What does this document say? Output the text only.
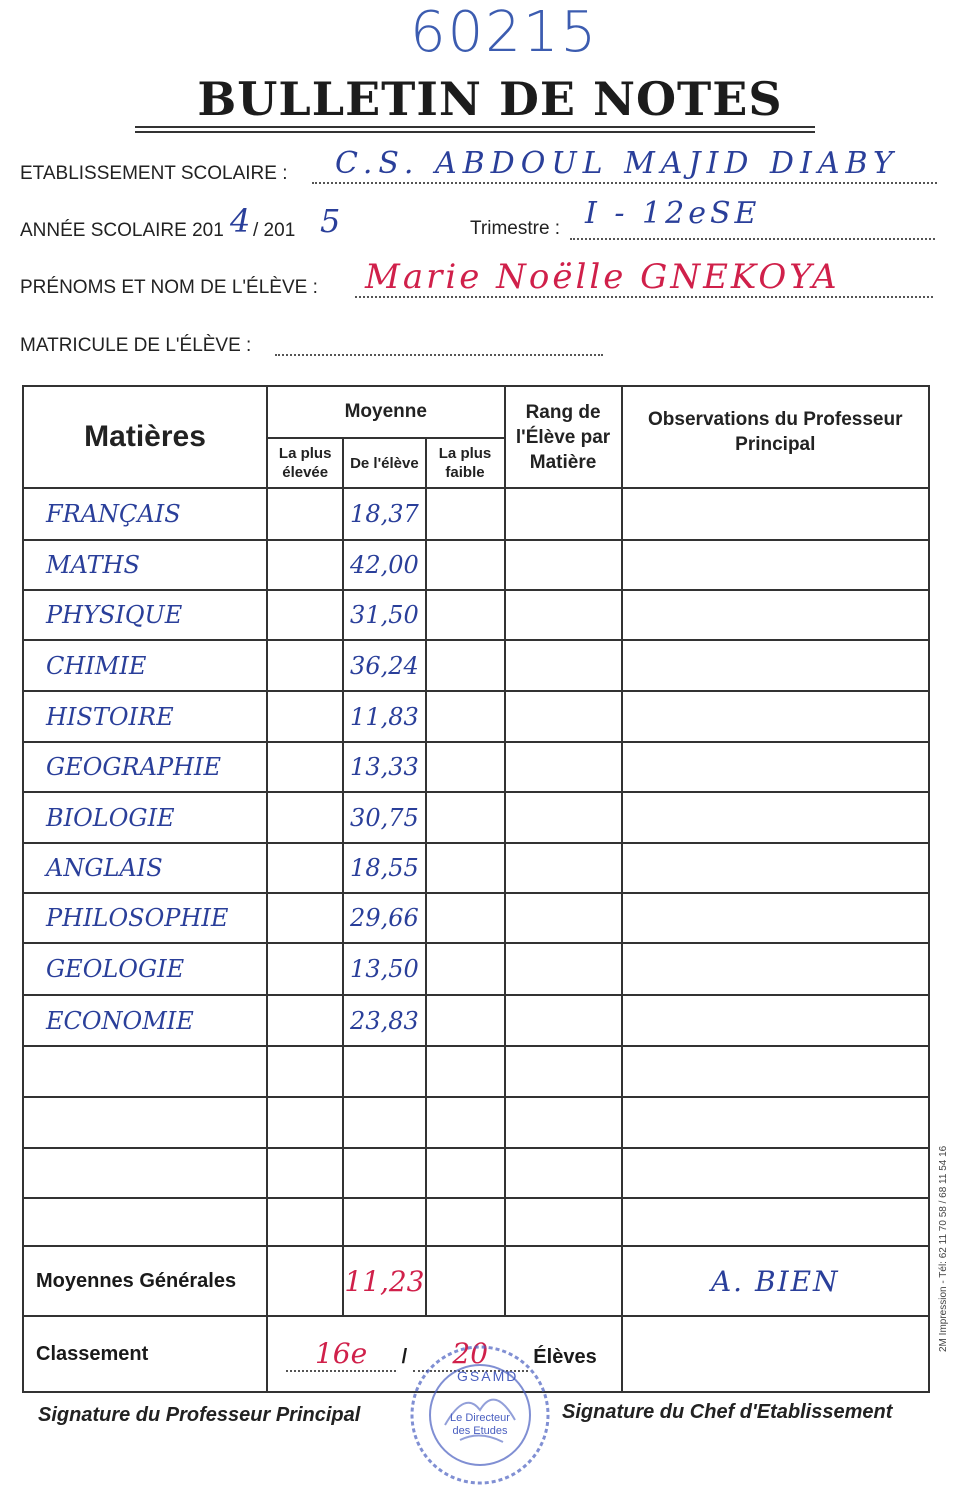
60215
BULLETIN DE NOTES
ETABLISSEMENT SCOLAIRE : C.S. ABDOUL MAJID DIABY
ANNÉE SCOLAIRE 201 4 / 201 5	Trimestre : I - 12eSE
PRÉNOMS ET NOM DE L'ÉLÈVE : Marie Noëlle GNEKOYA
MATRICULE DE L'ÉLÈVE :
Matières	Moyenne			Rang de l'Élève par Matière	Observations du Professeur Principal
	La plus élevée	De l'élève	La plus faible		
FRANÇAIS		18,37			
MATHS		42,00			
PHYSIQUE		31,50			
CHIMIE		36,24			
HISTOIRE		11,83			
GEOGRAPHIE		13,33			
BIOLOGIE		30,75			
ANGLAIS		18,55			
PHILOSOPHIE		29,66			
GEOLOGIE		13,50			
ECONOMIE		23,83			

Moyennes Générales		11,23			A. BIEN
Classement	16e / 20 Élèves				
Signature du Professeur Principal	Signature du Chef d'Etablissement
GSAMD
Le Directeur des Etudes
2M Impression - Tél: 62 11 70 58 / 68 11 54 16
